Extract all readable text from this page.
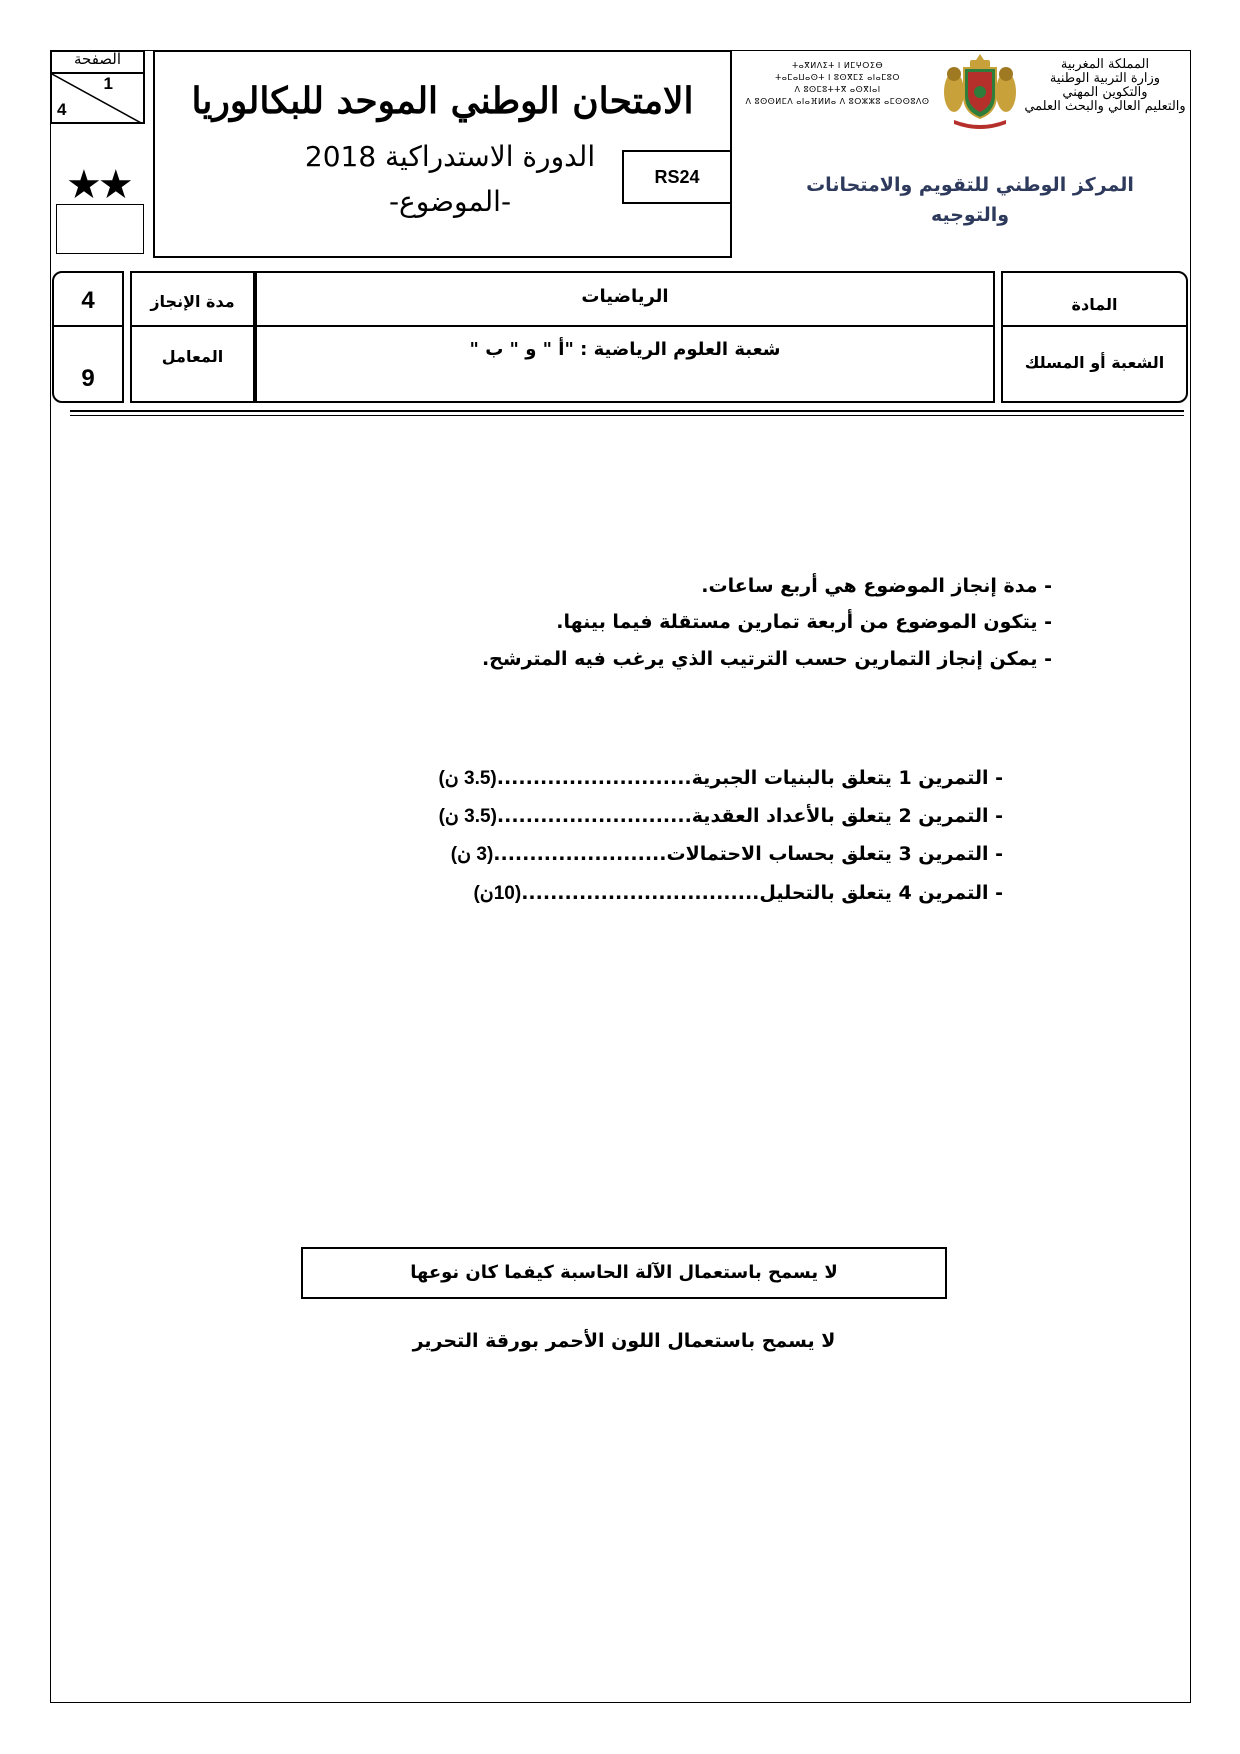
الصفحة
1
4
★★
الامتحان الوطني الموحد للبكالوريا
الدورة الاستدراكية 2018
-الموضوع-
RS24
ⵜⴰⴳⵍⴷⵉⵜ ⵏ ⵍⵎⵖⵔⵉⴱ
ⵜⴰⵎⴰⵡⴰⵙⵜ ⵏ ⵓⵙⴳⵎⵉ ⴰⵏⴰⵎⵓⵔ
ⴷ ⵓⵙⵎⵓⵜⵜⴳ ⴰⵙⴳⵏⴰⵏ
ⴷ ⵓⵙⵙⵍⵎⴷ ⴰⵏⴰⴼⵍⵍⴰ ⴷ ⵓⵔⵣⵣⵓ ⴰⵎⵙⵙⵓⴷⵙ
المملكة المغربية
وزارة التربية الوطنية
والتكوين المهني
والتعليم العالي والبحث العلمي
المركز الوطني للتقويم والامتحانات
والتوجيه
4
9
مدة الإنجاز
المعامل
الرياضيات
شعبة العلوم الرياضية : "أ " و " ب "
المادة
الشعبة أو المسلك
- مدة إنجاز الموضوع هي أربع ساعات.
- يتكون الموضوع من أربعة تمارين مستقلة فيما بينها.
- يمكن إنجاز التمارين حسب الترتيب الذي يرغب فيه المترشح.
- التمرين 1 يتعلق بالبنيات الجبرية...........................(3.5 ن)
- التمرين 2 يتعلق بالأعداد العقدية...........................(3.5 ن)
- التمرين 3 يتعلق بحساب الاحتمالات........................(3 ن)
- التمرين 4 يتعلق بالتحليل.................................(10ن)
لا يسمح باستعمال الآلة الحاسبة كيفما كان نوعها
لا يسمح باستعمال اللون الأحمر بورقة التحرير
